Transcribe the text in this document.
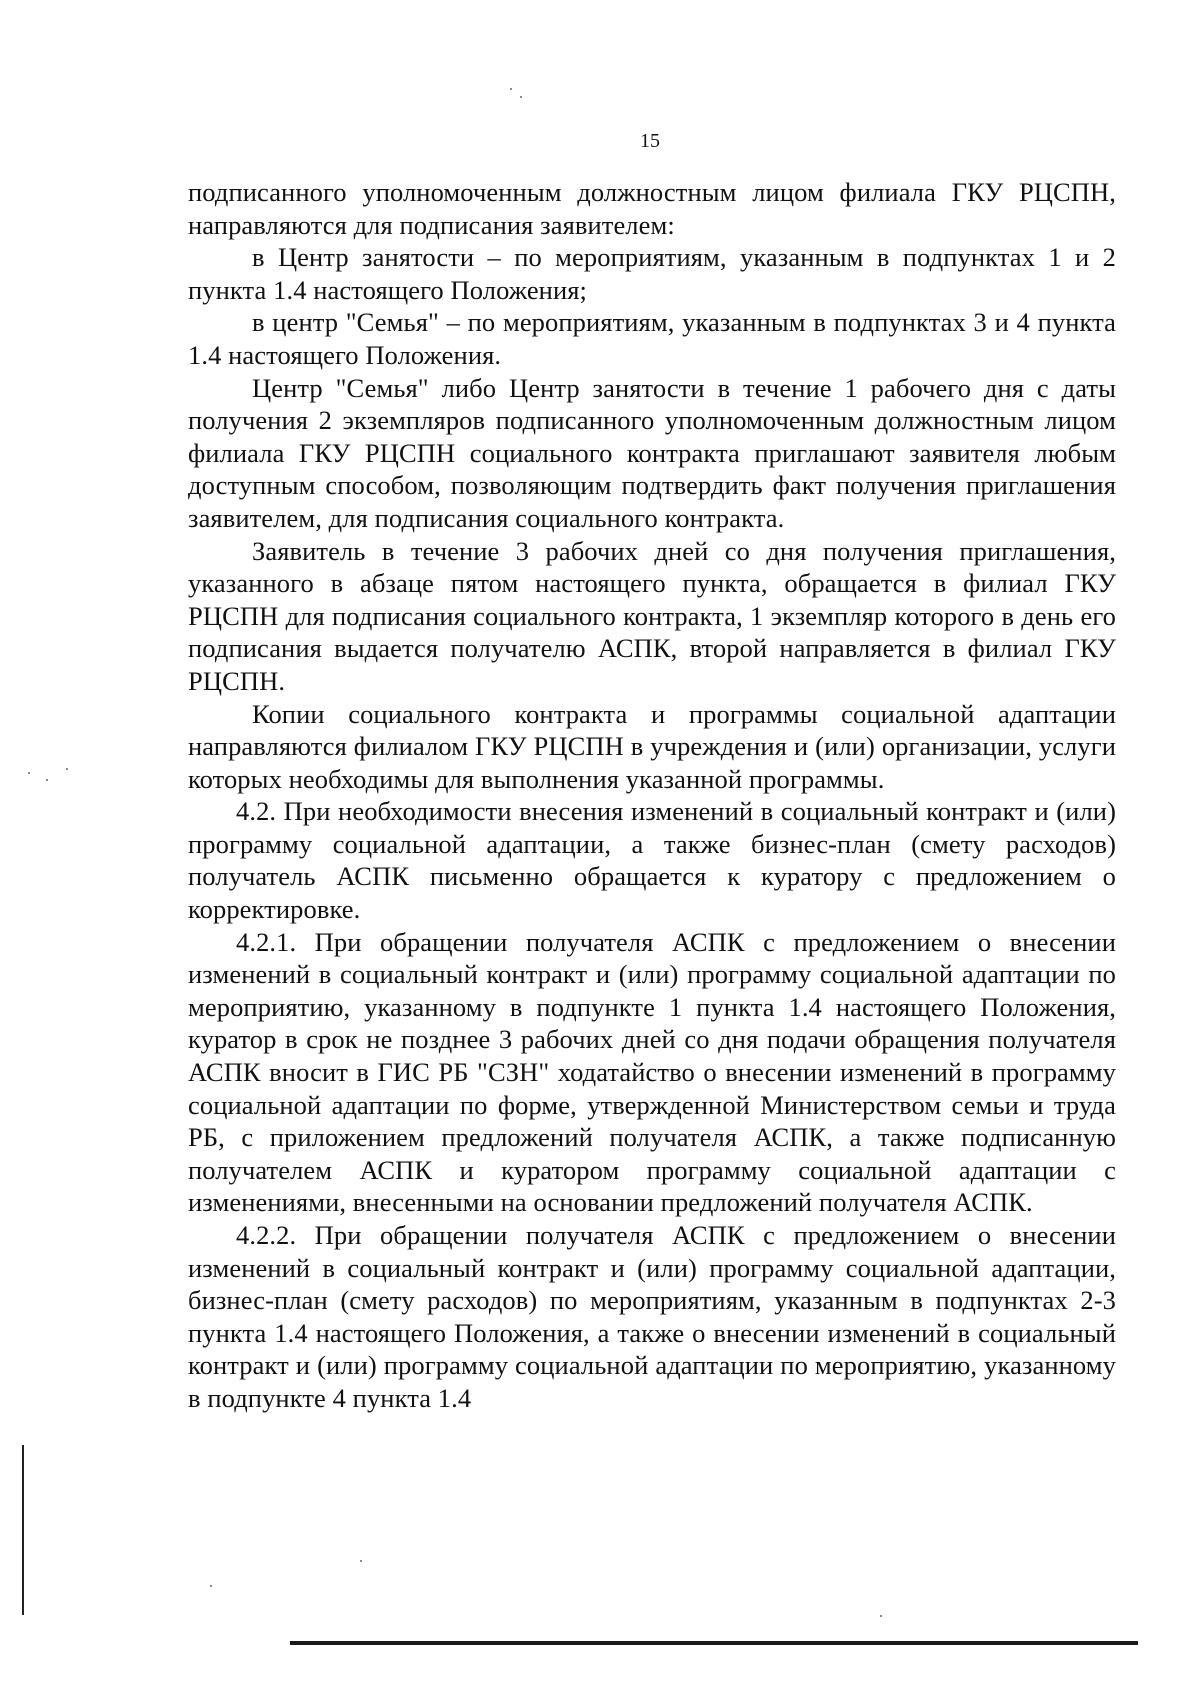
15

подписанного уполномоченным должностным лицом филиала ГКУ РЦСПН, направляются для подписания заявителем:

в Центр занятости – по мероприятиям, указанным в подпунктах 1 и 2 пункта 1.4 настоящего Положения;

в центр "Семья" – по мероприятиям, указанным в подпунктах 3 и 4 пункта 1.4 настоящего Положения.

Центр "Семья" либо Центр занятости в течение 1 рабочего дня с даты получения 2 экземпляров подписанного уполномоченным должностным лицом филиала ГКУ РЦСПН социального контракта приглашают заявителя любым доступным способом, позволяющим подтвердить факт получения приглашения заявителем, для подписания социального контракта.

Заявитель в течение 3 рабочих дней со дня получения приглашения, указанного в абзаце пятом настоящего пункта, обращается в филиал ГКУ РЦСПН для подписания социального контракта, 1 экземпляр которого в день его подписания выдается получателю АСПК, второй направляется в филиал ГКУ РЦСПН.

Копии социального контракта и программы социальной адаптации направляются филиалом ГКУ РЦСПН в учреждения и (или) организации, услуги которых необходимы для выполнения указанной программы.

4.2. При необходимости внесения изменений в социальный контракт и (или) программу социальной адаптации, а также бизнес-план (смету расходов) получатель АСПК письменно обращается к куратору с предложением о корректировке.

4.2.1. При обращении получателя АСПК с предложением о внесении изменений в социальный контракт и (или) программу социальной адаптации по мероприятию, указанному в подпункте 1 пункта 1.4 настоящего Положения, куратор в срок не позднее 3 рабочих дней со дня подачи обращения получателя АСПК вносит в ГИС РБ "СЗН" ходатайство о внесении изменений в программу социальной адаптации по форме, утвержденной Министерством семьи и труда РБ, с приложением предложений получателя АСПК, а также подписанную получателем АСПК и куратором программу социальной адаптации с изменениями, внесенными на основании предложений получателя АСПК.

4.2.2. При обращении получателя АСПК с предложением о внесении изменений в социальный контракт и (или) программу социальной адаптации, бизнес-план (смету расходов) по мероприятиям, указанным в подпунктах 2-3 пункта 1.4 настоящего Положения, а также о внесении изменений в социальный контракт и (или) программу социальной адаптации по мероприятию, указанному в подпункте 4 пункта 1.4
